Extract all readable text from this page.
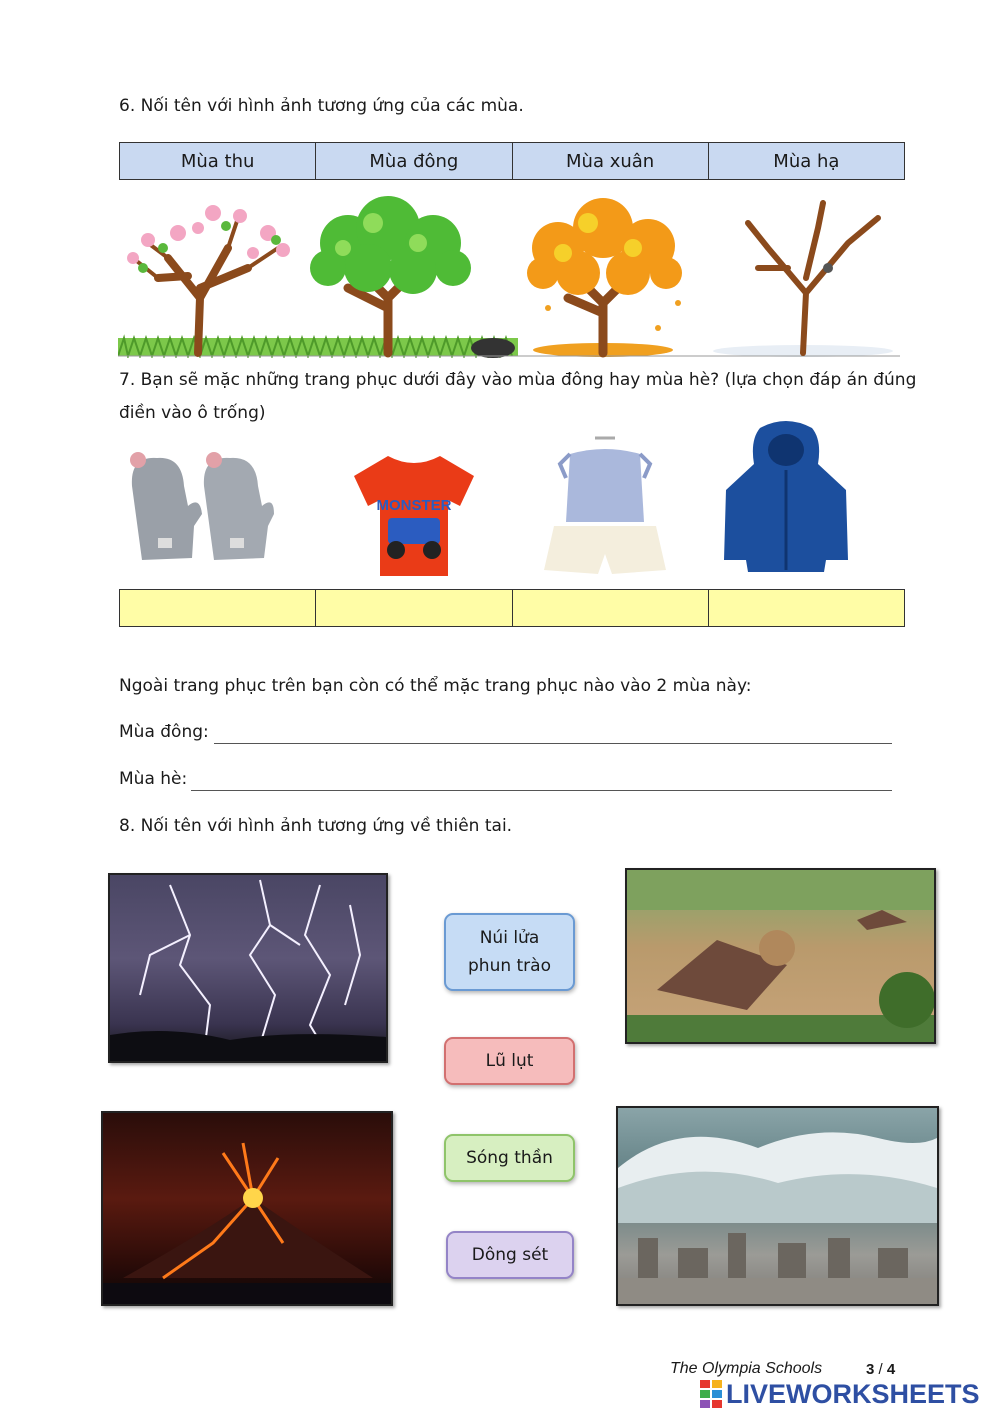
6. Nối tên với hình ảnh tương ứng của các mùa.
Mùa thu	Mùa đông	Mùa xuân	Mùa hạ
7. Bạn sẽ mặc những trang phục dưới đây vào mùa đông hay mùa hè? (lựa chọn đáp án đúng
điền vào ô trống)
MONSTER

Ngoài trang phục trên bạn còn có thể mặc trang phục nào vào 2 mùa này:
Mùa đông:
Mùa hè:
8. Nối tên với hình ảnh tương ứng về thiên tai.
Núi lửa
phun trào
Lũ lụt
Sóng thần
Dông sét
The Olympia Schools	3 / 4
LIVEWORKSHEETS
